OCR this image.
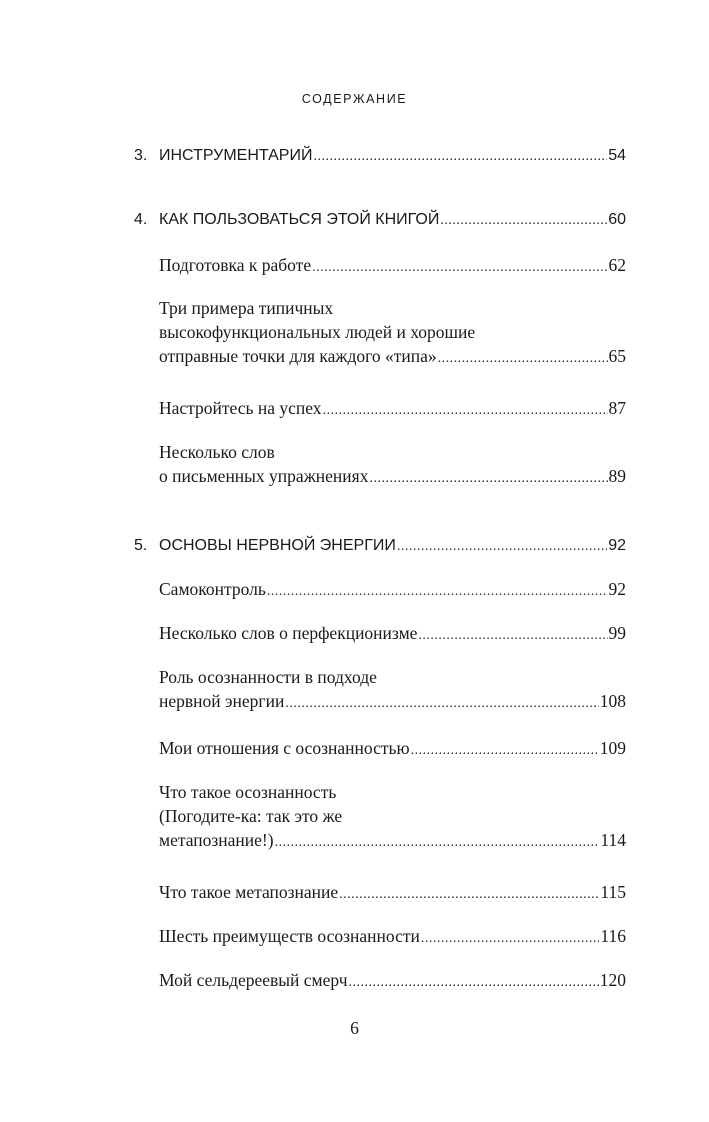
СОДЕРЖАНИЕ
3. ИНСТРУМЕНТАРИЙ .....	54
4. КАК ПОЛЬЗОВАТЬСЯ ЭТОЙ КНИГОЙ .....	60
Подготовка к работе .....	62
Три примера типичных
высокофункциональных людей и хорошие
отправные точки для каждого «типа» .....	65
Настройтесь на успех .....	87
Несколько слов
о письменных упражнениях .....	89
5. ОСНОВЫ НЕРВНОЙ ЭНЕРГИИ .....	92
Самоконтроль .....	92
Несколько слов о перфекционизме .....	99
Роль осознанности в подходе
нервной энергии .....	108
Мои отношения с осознанностью .....	109
Что такое осознанность
(Погодите-ка: так это же
метапознание!) .....	114
Что такое метапознание .....	115
Шесть преимуществ осознанности .....	116
Мой сельдереевый смерч .....	120
6
